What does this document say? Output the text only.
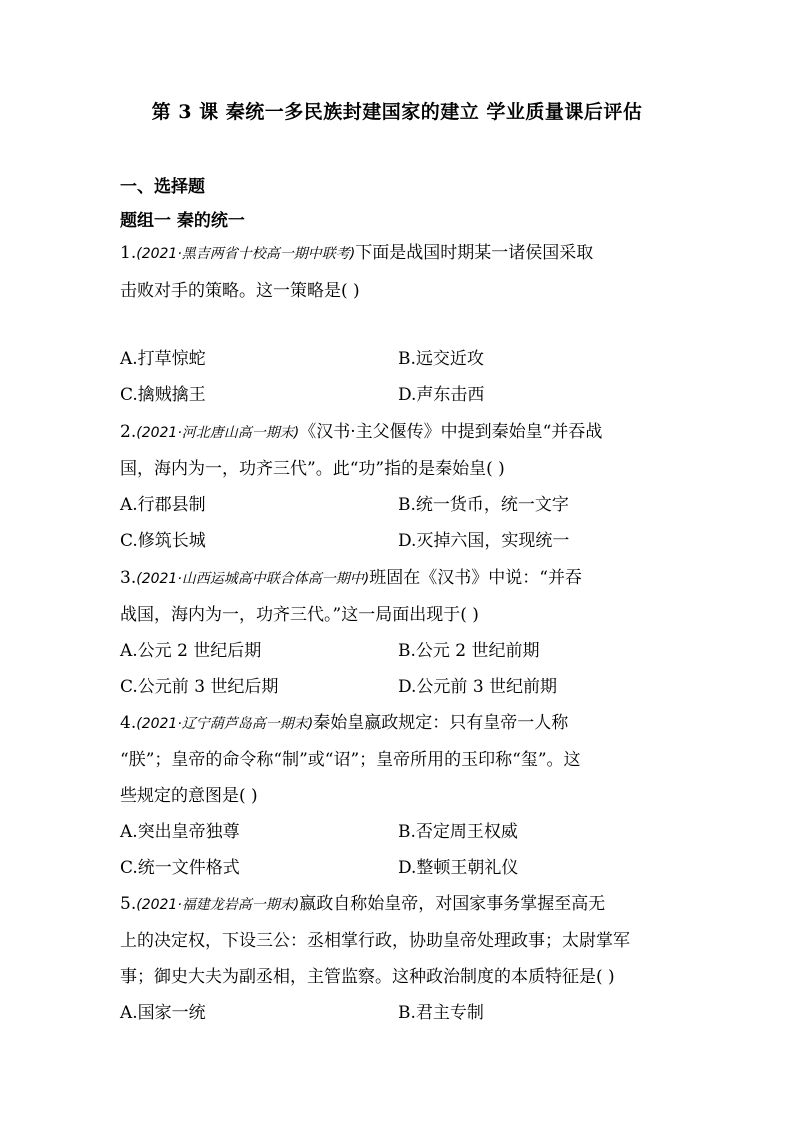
第 3 课 秦统一多民族封建国家的建立 学业质量课后评估
一、选择题
题组一 秦的统一
1.(2021·黑吉两省十校高一期中联考)下面是战国时期某一诸侯国采取
击败对手的策略。这一策略是( )
A.打草惊蛇	B.远交近攻
C.擒贼擒王	D.声东击西
2.(2021·河北唐山高一期末)《汉书·主父偃传》中提到秦始皇“并吞战
国，海内为一，功齐三代”。此“功”指的是秦始皇( )
A.行郡县制	B.统一货币，统一文字
C.修筑长城	D.灭掉六国，实现统一
3.(2021·山西运城高中联合体高一期中)班固在《汉书》中说：“并吞
战国，海内为一，功齐三代。”这一局面出现于( )
A.公元 2 世纪后期	B.公元 2 世纪前期
C.公元前 3 世纪后期	D.公元前 3 世纪前期
4.(2021·辽宁葫芦岛高一期末)秦始皇嬴政规定：只有皇帝一人称
“朕”；皇帝的命令称“制”或“诏”；皇帝所用的玉印称“玺”。这
些规定的意图是( )
A.突出皇帝独尊	B.否定周王权威
C.统一文件格式	D.整顿王朝礼仪
5.(2021·福建龙岩高一期末)嬴政自称始皇帝，对国家事务掌握至高无
上的决定权，下设三公：丞相掌行政，协助皇帝处理政事；太尉掌军
事；御史大夫为副丞相，主管监察。这种政治制度的本质特征是( )
A.国家一统	B.君主专制
